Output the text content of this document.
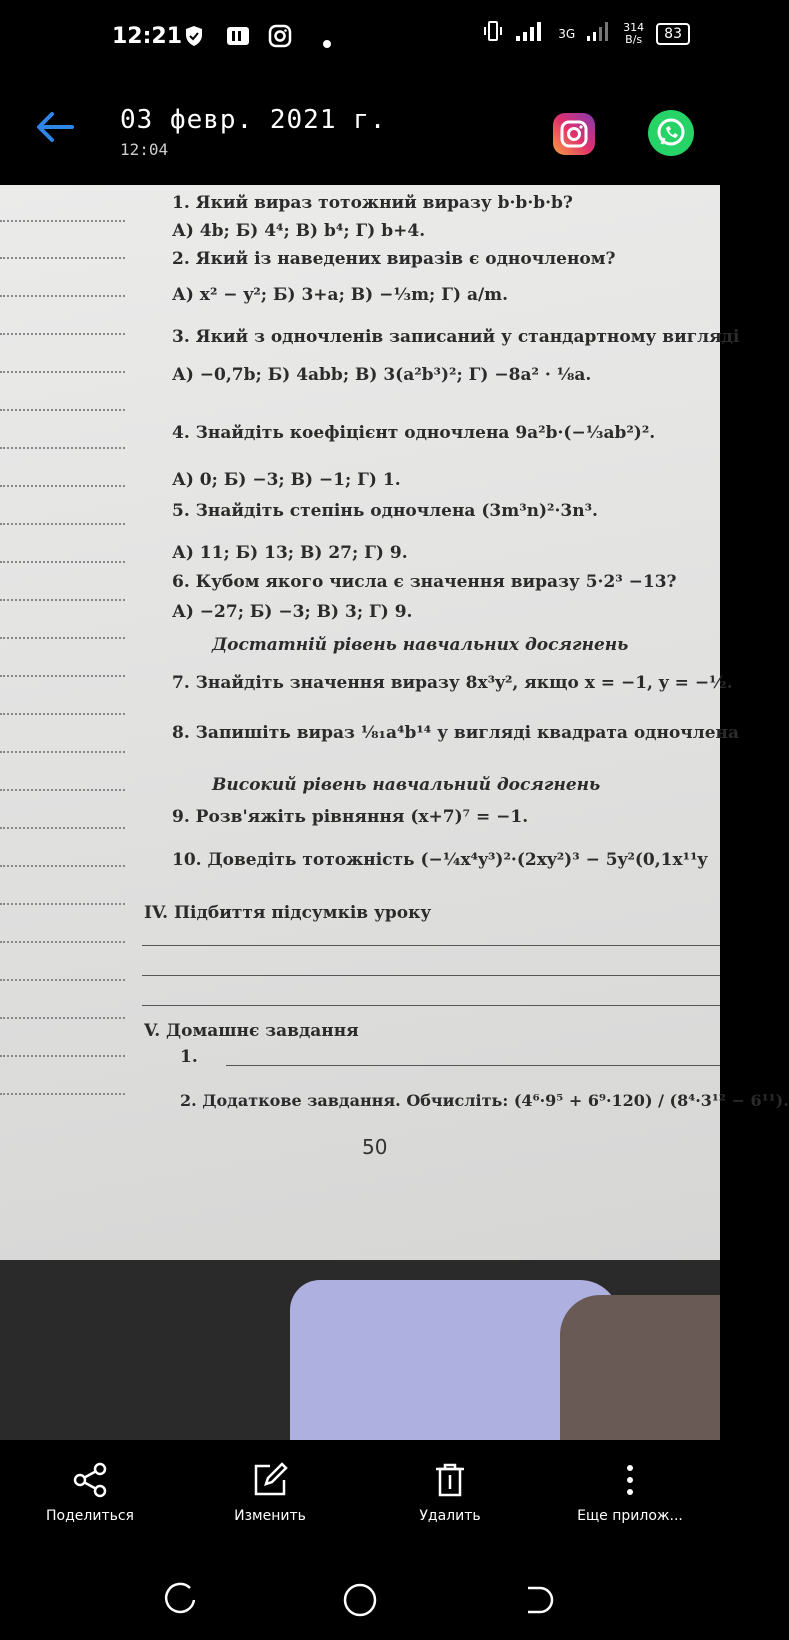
12:21	3G	314
B/s	83
03 февр. 2021 г.
12:04
1. Який вираз тотожний виразу b·b·b·b?
А) 4b; Б) 4⁴; В) b⁴; Г) b+4.
2. Який із наведених виразів є одночленом?
А) x² − y²; Б) 3+a; В) −¹⁄₃m; Г) a/m.
3. Який з одночленів записаний у стандартному вигляді
А) −0,7b; Б) 4abb; В) 3(a²b³)²; Г) −8a² · ¹⁄₈a.
4. Знайдіть коефіцієнт одночлена 9a²b·(−¹⁄₃ab²)².
А) 0; Б) −3; В) −1; Г) 1.
5. Знайдіть степінь одночлена (3m³n)²·3n³.
А) 11; Б) 13; В) 27; Г) 9.
6. Кубом якого числа є значення виразу 5·2³ −13?
А) −27; Б) −3; В) 3; Г) 9.
Достатній рівень навчальних досягнень
7. Знайдіть значення виразу 8x³y², якщо x = −1, y = −½.
8. Запишіть вираз ¹⁄₈₁a⁴b¹⁴ у вигляді квадрата одночлена
Високий рівень навчальний досягнень
9. Розв'яжіть рівняння (x+7)⁷ = −1.
10. Доведіть тотожність (−¼x⁴y³)²·(2xy²)³ − 5y²(0,1x¹¹y
IV. Підбиття підсумків уроку
V. Домашнє завдання
1.
2. Додаткове завдання. Обчисліть: (4⁶·9⁵ + 6⁹·120) / (8⁴·3¹² − 6¹¹).
50
Поделиться	Изменить	Удалить	Еще прилож...
